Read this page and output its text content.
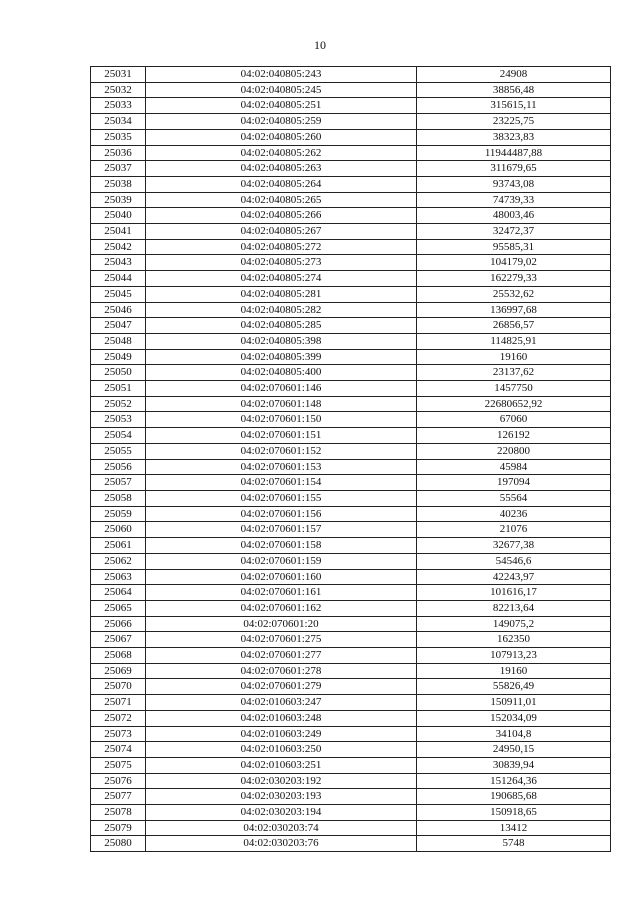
10
25031	04:02:040805:243	24908
25032	04:02:040805:245	38856,48
25033	04:02:040805:251	315615,11
25034	04:02:040805:259	23225,75
25035	04:02:040805:260	38323,83
25036	04:02:040805:262	11944487,88
25037	04:02:040805:263	311679,65
25038	04:02:040805:264	93743,08
25039	04:02:040805:265	74739,33
25040	04:02:040805:266	48003,46
25041	04:02:040805:267	32472,37
25042	04:02:040805:272	95585,31
25043	04:02:040805:273	104179,02
25044	04:02:040805:274	162279,33
25045	04:02:040805:281	25532,62
25046	04:02:040805:282	136997,68
25047	04:02:040805:285	26856,57
25048	04:02:040805:398	114825,91
25049	04:02:040805:399	19160
25050	04:02:040805:400	23137,62
25051	04:02:070601:146	1457750
25052	04:02:070601:148	22680652,92
25053	04:02:070601:150	67060
25054	04:02:070601:151	126192
25055	04:02:070601:152	220800
25056	04:02:070601:153	45984
25057	04:02:070601:154	197094
25058	04:02:070601:155	55564
25059	04:02:070601:156	40236
25060	04:02:070601:157	21076
25061	04:02:070601:158	32677,38
25062	04:02:070601:159	54546,6
25063	04:02:070601:160	42243,97
25064	04:02:070601:161	101616,17
25065	04:02:070601:162	82213,64
25066	04:02:070601:20	149075,2
25067	04:02:070601:275	162350
25068	04:02:070601:277	107913,23
25069	04:02:070601:278	19160
25070	04:02:070601:279	55826,49
25071	04:02:010603:247	150911,01
25072	04:02:010603:248	152034,09
25073	04:02:010603:249	34104,8
25074	04:02:010603:250	24950,15
25075	04:02:010603:251	30839,94
25076	04:02:030203:192	151264,36
25077	04:02:030203:193	190685,68
25078	04:02:030203:194	150918,65
25079	04:02:030203:74	13412
25080	04:02:030203:76	5748
